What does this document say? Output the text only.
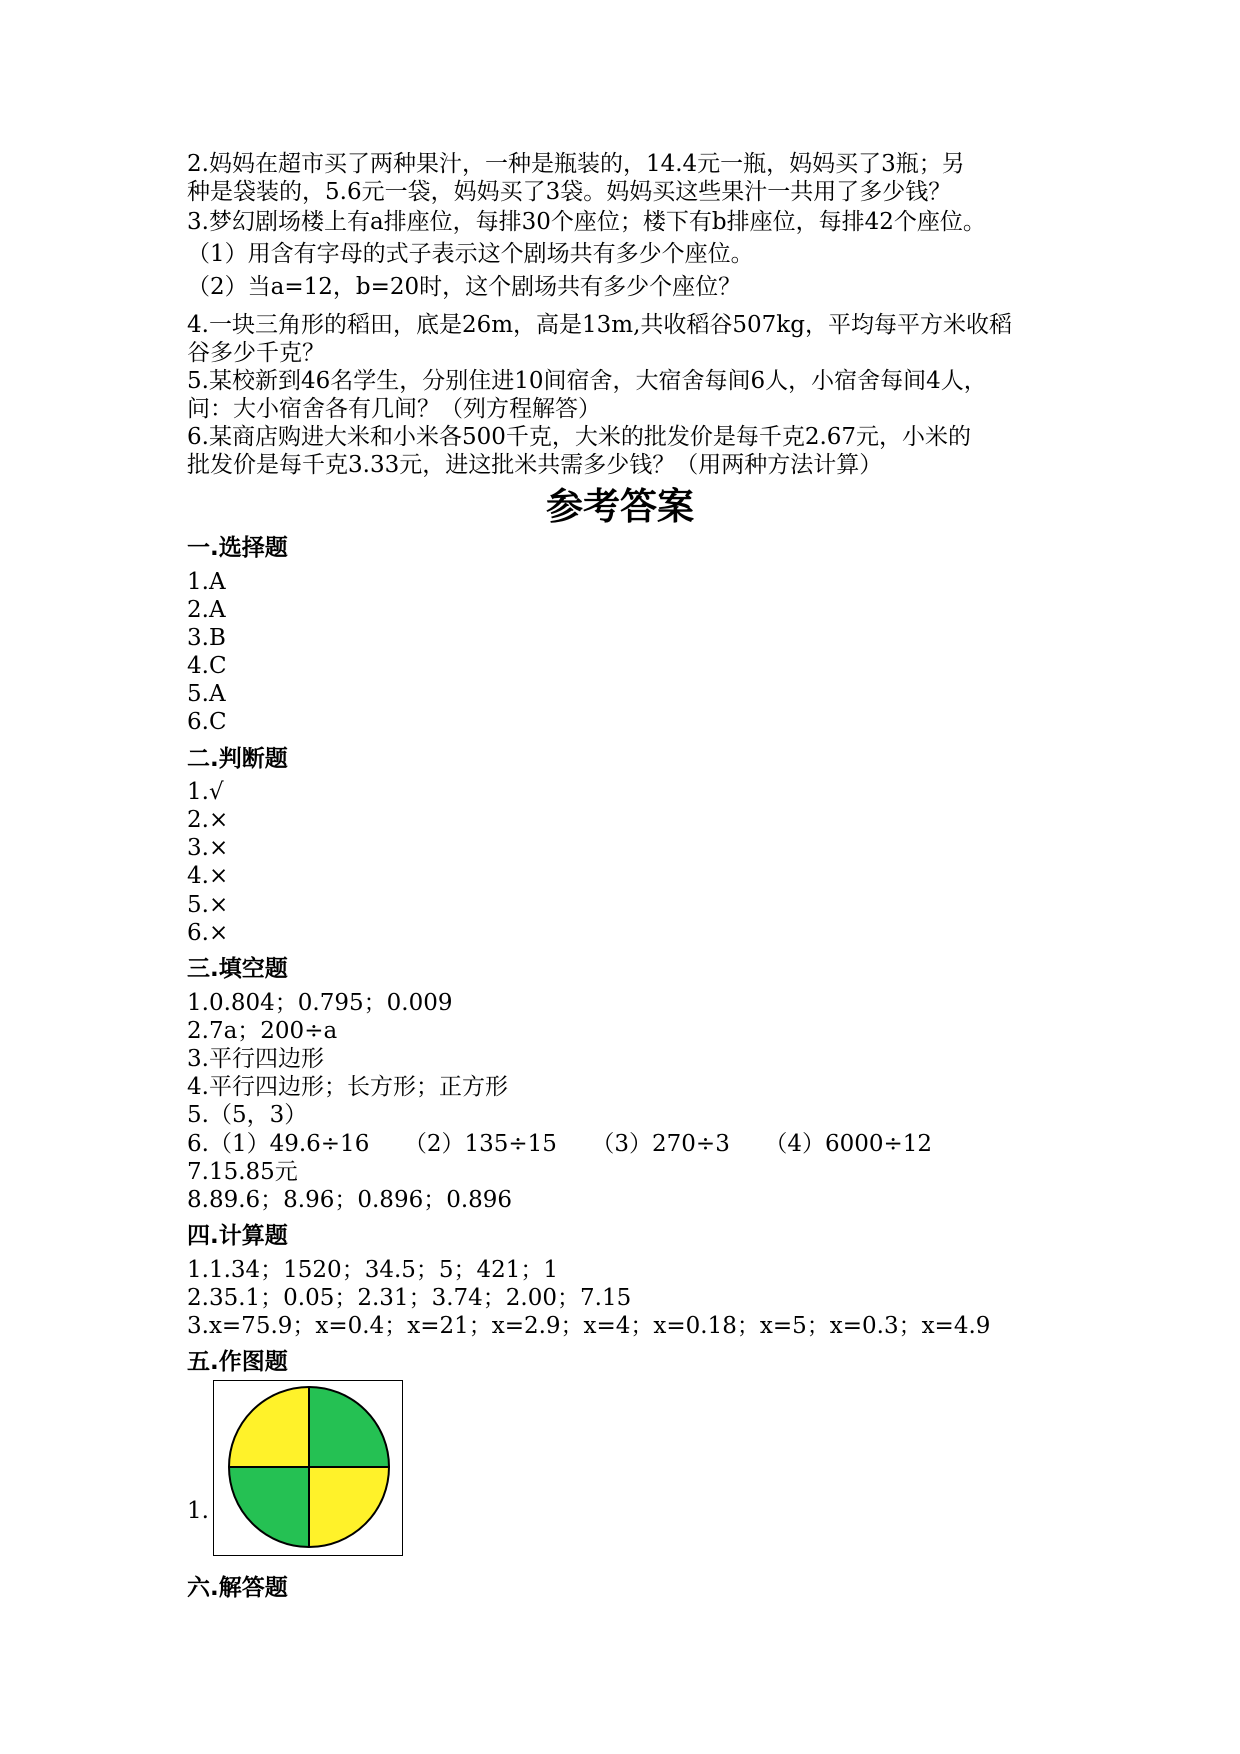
2.妈妈在超市买了两种果汁，一种是瓶装的，14.4元一瓶，妈妈买了3瓶；另
种是袋装的，5.6元一袋，妈妈买了3袋。妈妈买这些果汁一共用了多少钱？
3.梦幻剧场楼上有a排座位，每排30个座位；楼下有b排座位，每排42个座位。
（1）用含有字母的式子表示这个剧场共有多少个座位。
（2）当a=12，b=20时，这个剧场共有多少个座位？
4.一块三角形的稻田，底是26m，高是13m,共收稻谷507kg，平均每平方米收稻
谷多少千克？
5.某校新到46名学生，分别住进10间宿舍，大宿舍每间6人，小宿舍每间4人，
问：大小宿舍各有几间？（列方程解答）
6.某商店购进大米和小米各500千克，大米的批发价是每千克2.67元，小米的
批发价是每千克3.33元，进这批米共需多少钱？（用两种方法计算）
参考答案
一.选择题
1.A
2.A
3.B
4.C
5.A
6.C
二.判断题
1.√
2.×
3.×
4.×
5.×
6.×
三.填空题
1.0.804；0.795；0.009
2.7a；200÷a
3.平行四边形
4.平行四边形；长方形；正方形
5.（5，3）
6.（1）49.6÷16　　（2）135÷15　　（3）270÷3　　（4）6000÷12
7.15.85元
8.89.6；8.96；0.896；0.896
四.计算题
1.1.34；1520；34.5；5；421；1
2.35.1；0.05；2.31；3.74；2.00；7.15
3.x=75.9；x=0.4；x=21；x=2.9；x=4；x=0.18；x=5；x=0.3；x=4.9
五.作图题
1.
六.解答题
